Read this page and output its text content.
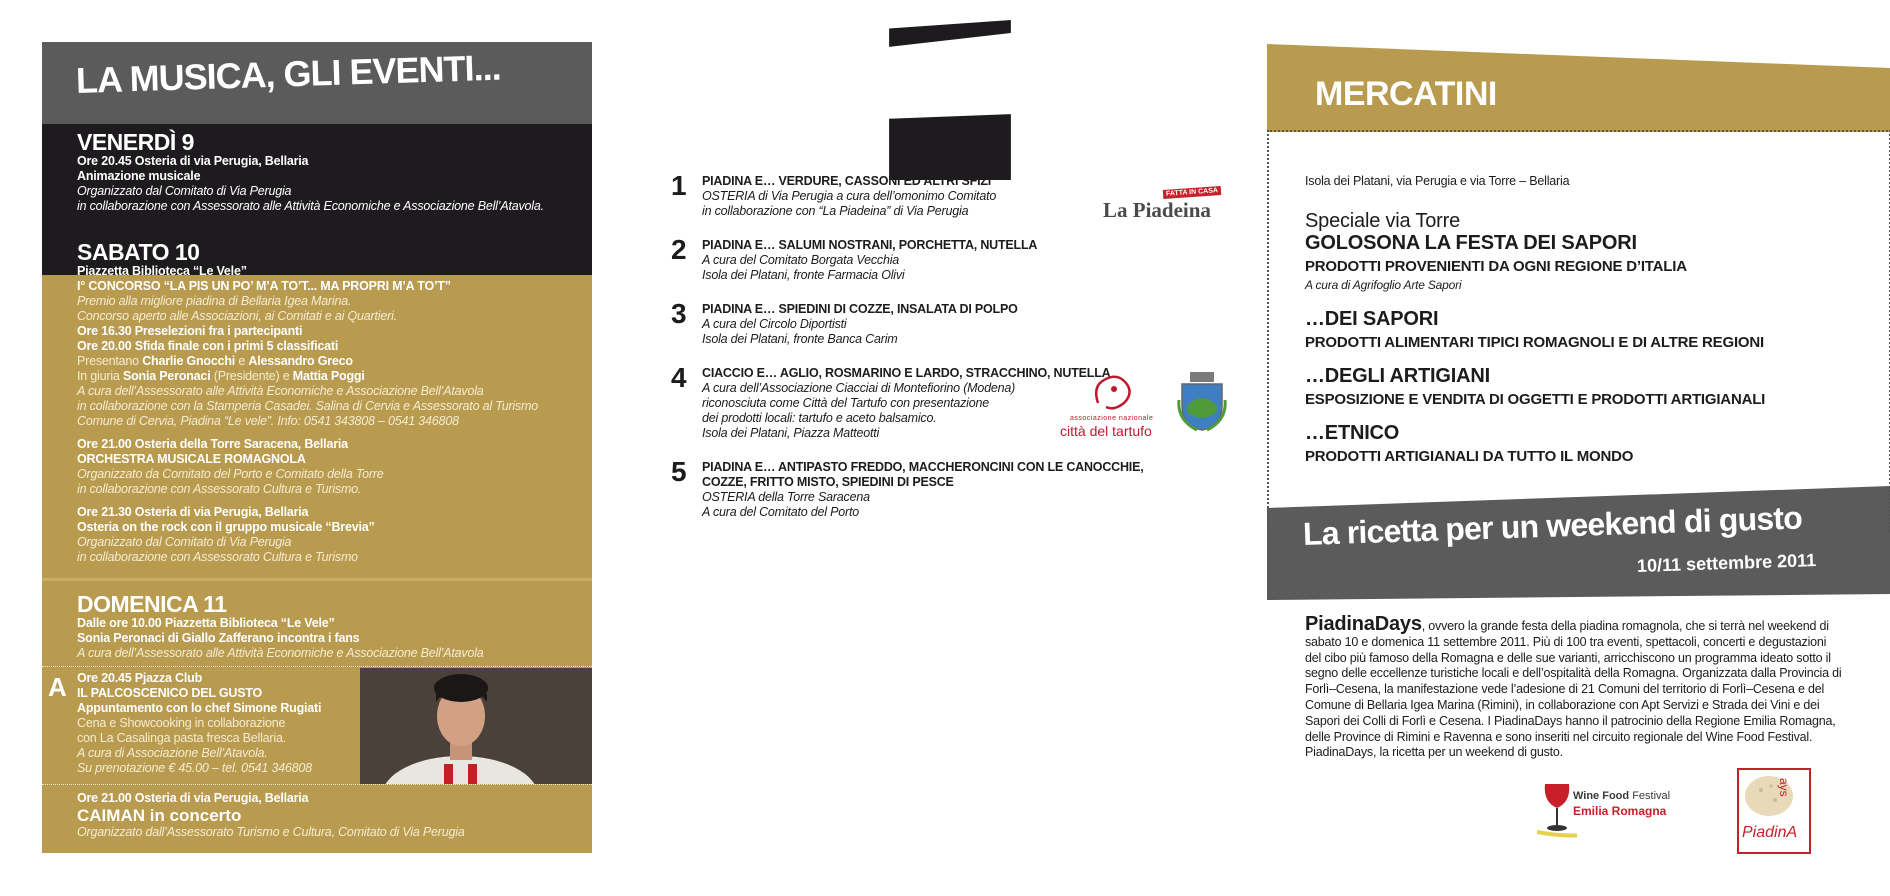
LA MUSICA, GLI EVENTI...
VENERDÌ 9
Ore 20.45 Osteria di via Perugia, Bellaria
Animazione musicale
Organizzato dal Comitato di Via Perugia
in collaborazione con Assessorato alle Attività Economiche e Associazione Bell’Atavola.
SABATO 10
Piazzetta Biblioteca “Le Vele”
I° CONCORSO “LA PIS UN PO’ M’A TO’T... MA PROPRI M’A TO’T”
Premio alla migliore piadina di Bellaria Igea Marina.
Concorso aperto alle Associazioni, ai Comitati e ai Quartieri.
Ore 16.30 Preselezioni fra i partecipanti
Ore 20.00 Sfida finale con i primi 5 classificati
Presentano Charlie Gnocchi e Alessandro Greco
In giuria Sonia Peronaci (Presidente) e Mattia Poggi
A cura dell’Assessorato alle Attività Economiche e Associazione Bell’Atavola
in collaborazione con la Stamperia Casadei. Salina di Cervia e Assessorato al Turismo
Comune di Cervia, Piadina “Le vele”. Info: 0541 343808 – 0541 346808
Ore 21.00 Osteria della Torre Saracena, Bellaria
ORCHESTRA MUSICALE ROMAGNOLA
Organizzato da Comitato del Porto e Comitato della Torre
in collaborazione con Assessorato Cultura e Turismo.
Ore 21.30 Osteria di via Perugia, Bellaria
Osteria on the rock con il gruppo musicale “Brevia”
Organizzato dal Comitato di Via Perugia
in collaborazione con Assessorato Cultura e Turismo
DOMENICA 11
Dalle ore 10.00 Piazzetta Biblioteca “Le Vele”
Sonia Peronaci di Giallo Zafferano incontra i fans
A cura dell’Assessorato alle Attività Economiche e Associazione Bell’Atavola
A Ore 20.45 Pjazza Club
IL PALCOSCENICO DEL GUSTO
Appuntamento con lo chef Simone Rugiati
Cena e Showcooking in collaborazione
con La Casalinga pasta fresca Bellaria.
A cura di Associazione Bell’Atavola.
Su prenotazione € 45.00 – tel. 0541 346808
Ore 21.00 Osteria di via Perugia, Bellaria
CAIMAN in concerto
Organizzato dall’Assessorato Turismo e Cultura, Comitato di Via Perugia
L’ITINERARIO DEL GUSTO...
1 PIADINA E… VERDURE, CASSONI ED ALTRI SFIZI
OSTERIA di Via Perugia a cura dell’omonimo Comitato
in collaborazione con “La Piadeina” di Via Perugia
2 PIADINA E… SALUMI NOSTRANI, PORCHETTA, NUTELLA
A cura del Comitato Borgata Vecchia
Isola dei Platani, fronte Farmacia Olivi
3 PIADINA E… SPIEDINI DI COZZE, INSALATA DI POLPO
A cura del Circolo Diportisti
Isola dei Platani, fronte Banca Carim
4 CIACCIO E… AGLIO, ROSMARINO E LARDO, STRACCHINO, NUTELLA
A cura dell’Associazione Ciacciai di Montefiorino (Modena)
riconosciuta come Città del Tartufo con presentazione
dei prodotti locali: tartufo e aceto balsamico.
Isola dei Platani, Piazza Matteotti
5 PIADINA E… ANTIPASTO FREDDO, MACCHERONCINI CON LE CANOCCHIE,
COZZE, FRITTO MISTO, SPIEDINI DI PESCE
OSTERIA della Torre Saracena
A cura del Comitato del Porto
FATTA IN CASA
La Piadeina
associazione nazionale
città del tartufo
B FRATELLI COLTELLI E SLOW FOOD
CONDOTTA MALATESTIANA RIMINI
PIADINA E… ASSAGGI SFIZIOSI, DEGUSTAZIONE DI VINI
La Vecchia Pescheria in via Mediterraneo si trasforma in un luogo dedicato alla degustazione
di piatti di carne e pesce, accompagnati dalla imperdibile piadina Romagnola.
Degustazione di ottimi vini e birre artigianali.
A cura dell’Associazione Isola dei Platani, Giorgio e Manolo Clementi.
In collaborazione con CANTINE FOSCHI, LA CASALINGA, LA CASA DEL FORMAGGIO.
MERCATINI
Isola dei Platani, via Perugia e via Torre – Bellaria
Speciale via Torre
GOLOSONA LA FESTA DEI SAPORI
PRODOTTI PROVENIENTI DA OGNI REGIONE D’ITALIA
A cura di Agrifoglio Arte Sapori
…DEI SAPORI
PRODOTTI ALIMENTARI TIPICI ROMAGNOLI E DI ALTRE REGIONI
…DEGLI ARTIGIANI
ESPOSIZIONE E VENDITA DI OGGETTI E PRODOTTI ARTIGIANALI
…ETNICO
PRODOTTI ARTIGIANALI DA TUTTO IL MONDO
La ricetta per un weekend di gusto
10/11 settembre 2011
PiadinaDays, ovvero la grande festa della piadina romagnola, che si terrà nel weekend di sabato 10 e domenica 11 settembre 2011. Più di 100 tra eventi, spettacoli, concerti e degustazioni del cibo più famoso della Romagna e delle sue varianti, arricchiscono un programma ideato sotto il segno delle eccellenze turistiche locali e dell’ospitalità della Romagna. Organizzata dalla Provincia di Forlì–Cesena, la manifestazione vede l’adesione di 21 Comuni del territorio di Forlì–Cesena e del Comune di Bellaria Igea Marina (Rimini), in collaborazione con Apt Servizi e Strada dei Vini e dei Sapori dei Colli di Forlì e Cesena. I PiadinaDays hanno il patrocinio della Regione Emilia Romagna, delle Province di Rimini e Ravenna e sono inseriti nel circuito regionale del Wine Food Festival. PiadinaDays, la ricetta per un weekend di gusto.
Wine Food Festival
Emilia Romagna
ays
PiadinA
